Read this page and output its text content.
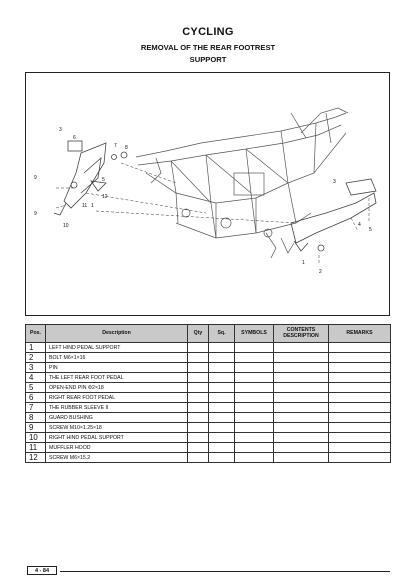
CYCLING
REMOVAL OF THE REAR FOOTREST
SUPPORT
3
6
7 8
5
12
9
11 1
10
9
3
4
5
1
2
Pos.	Description	Qty	Sq.	SYMBOLS	CONTENTS DESCRIPTION	REMARKS
1	LEFT HIND PEDAL SUPPORT					
2	BOLT M6×1×16					
3	PIN					
4	THE LEFT REAR FOOT PEDAL					
5	OPEN-END PIN Φ2×18					
6	RIGHT REAR FOOT PEDAL					
7	THE RUBBER SLEEVE II					
8	GUARD BUSHING					
9	SCREW M10×1.25×18					
10	RIGHT HIND PEDAL SUPPORT					
11	MUFFLER HOOD					
12	SCREW M6×15.2					
4 - 84
